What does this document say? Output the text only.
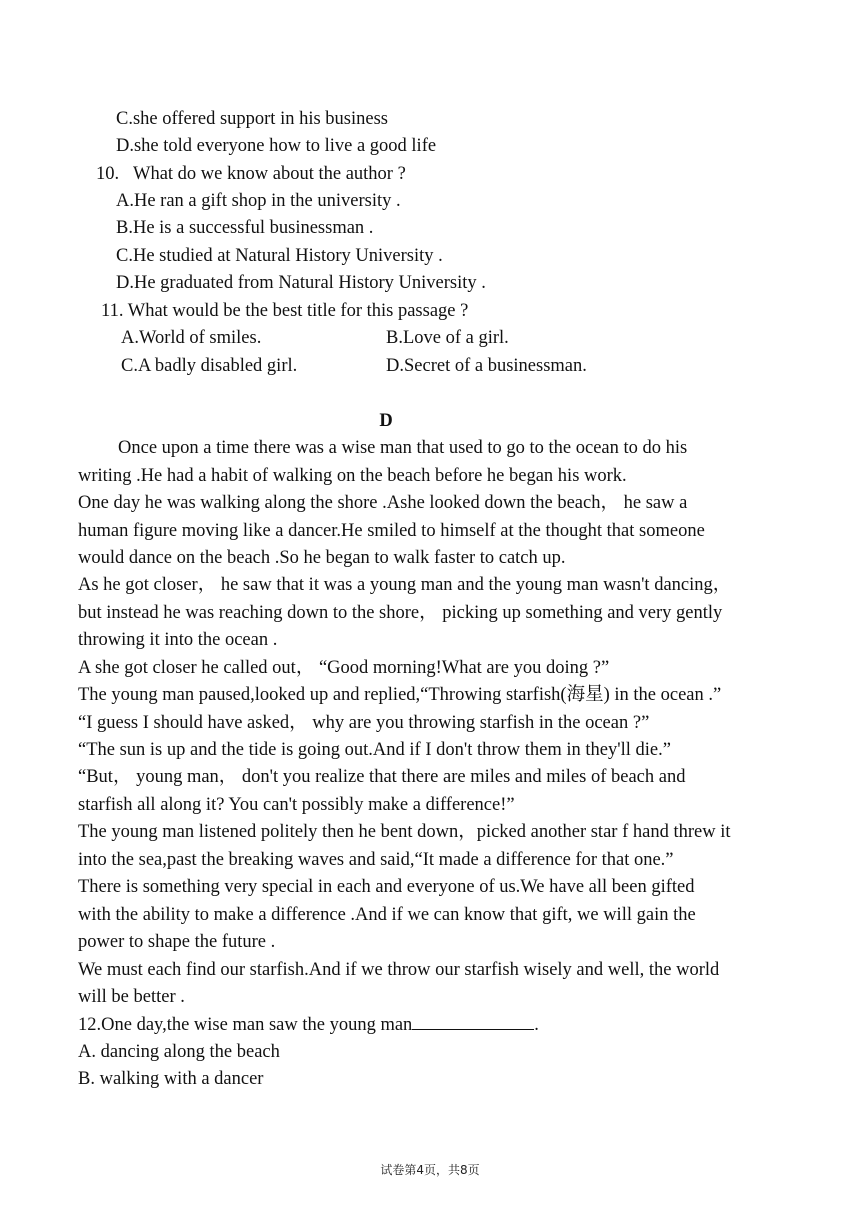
C.she offered support in his business
D.she told everyone how to live a good life
10. What do we know about the author ?
A.He ran a gift shop in the university .
B.He is a successful businessman .
C.He studied at Natural History University .
D.He graduated from Natural History University .
11. What would be the best title for this passage ?
A.World of smiles.	B.Love of a girl.
C.A badly disabled girl.	D.Secret of a businessman.
D
Once upon a time there was a wise man that used to go to the ocean to do his
writing .He had a habit of walking on the beach before he began his work.
One day he was walking along the shore .Ashe looked down the beach， he saw a
human figure moving like a dancer.He smiled to himself at the thought that someone
would dance on the beach .So he began to walk faster to catch up.
As he got closer， he saw that it was a young man and the young man wasn't dancing，
but instead he was reaching down to the shore， picking up something and very gently
throwing it into the ocean .
A she got closer he called out， “Good morning!What are you doing ?”
The young man paused,looked up and replied,“Throwing starfish(海星) in the ocean .”
“I guess I should have asked， why are you throwing starfish in the ocean ?”
“The sun is up and the tide is going out.And if I don't throw them in they'll die.”
“But， young man， don't you realize that there are miles and miles of beach and
starfish all along it? You can't possibly make a difference!”
The young man listened politely then he bent down，picked another star f hand threw it
into the sea,past the breaking waves and said,“It made a difference for that one.”
There is something very special in each and everyone of us.We have all been gifted
with the ability to make a difference .And if we can know that gift, we will gain the
power to shape the future .
We must each find our starfish.And if we throw our starfish wisely and well, the world
will be better .
12.One day,the wise man saw the young man	.
A. dancing along the beach
B. walking with a dancer
试卷第4页，共8页
